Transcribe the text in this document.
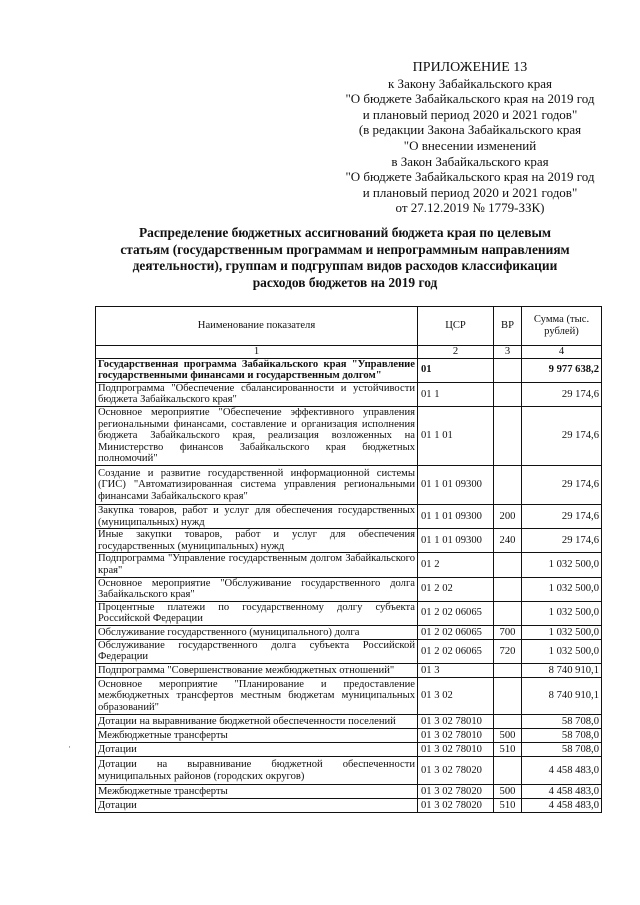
ПРИЛОЖЕНИЕ 13
к Закону Забайкальского края
"О бюджете Забайкальского края на 2019 год
и плановый период 2020 и 2021 годов"
(в редакции Закона Забайкальского края
"О внесении изменений
в Закон Забайкальского края
"О бюджете Забайкальского края на 2019 год
и плановый период 2020 и 2021 годов"
от 27.12.2019 № 1779-ЗЗК)
Распределение бюджетных ассигнований бюджета края по целевым
статьям (государственным программам и непрограммным направлениям
деятельности), группам и подгруппам видов расходов классификации
расходов бюджетов на 2019 год
Наименование показателя	ЦСР	ВР	Сумма (тыс. рублей)
1	2	3	4
Государственная программа Забайкальского края "Управление государственными финансами и государственным долгом"	01		9 977 638,2
Подпрограмма "Обеспечение сбалансированности и устойчивости бюджета Забайкальского края"	01 1		29 174,6
Основное мероприятие "Обеспечение эффективного управления региональными финансами, составление и организация исполнения бюджета Забайкальского края, реализация возложенных на Министерство финансов Забайкальского края бюджетных полномочий"	01 1 01		29 174,6
Создание и развитие государственной информационной системы (ГИС) "Автоматизированная система управления региональными финансами Забайкальского края"	01 1 01 09300		29 174,6
Закупка товаров, работ и услуг для обеспечения государственных (муниципальных) нужд	01 1 01 09300	200	29 174,6
Иные закупки товаров, работ и услуг для обеспечения государственных (муниципальных) нужд	01 1 01 09300	240	29 174,6
Подпрограмма "Управление государственным долгом Забайкальского края"	01 2		1 032 500,0
Основное мероприятие "Обслуживание государственного долга Забайкальского края"	01 2 02		1 032 500,0
Процентные платежи по государственному долгу субъекта Российской Федерации	01 2 02 06065		1 032 500,0
Обслуживание государственного (муниципального) долга	01 2 02 06065	700	1 032 500,0
Обслуживание государственного долга субъекта Российской Федерации	01 2 02 06065	720	1 032 500,0
Подпрограмма "Совершенствование межбюджетных отношений"	01 3		8 740 910,1
Основное мероприятие "Планирование и предоставление межбюджетных трансфертов местным бюджетам муниципальных образований"	01 3 02		8 740 910,1
Дотации на выравнивание бюджетной обеспеченности поселений	01 3 02 78010		58 708,0
Межбюджетные трансферты	01 3 02 78010	500	58 708,0
Дотации	01 3 02 78010	510	58 708,0
Дотации на выравнивание бюджетной обеспеченности муниципальных районов (городских округов)	01 3 02 78020		4 458 483,0
Межбюджетные трансферты	01 3 02 78020	500	4 458 483,0
Дотации	01 3 02 78020	510	4 458 483,0
·
